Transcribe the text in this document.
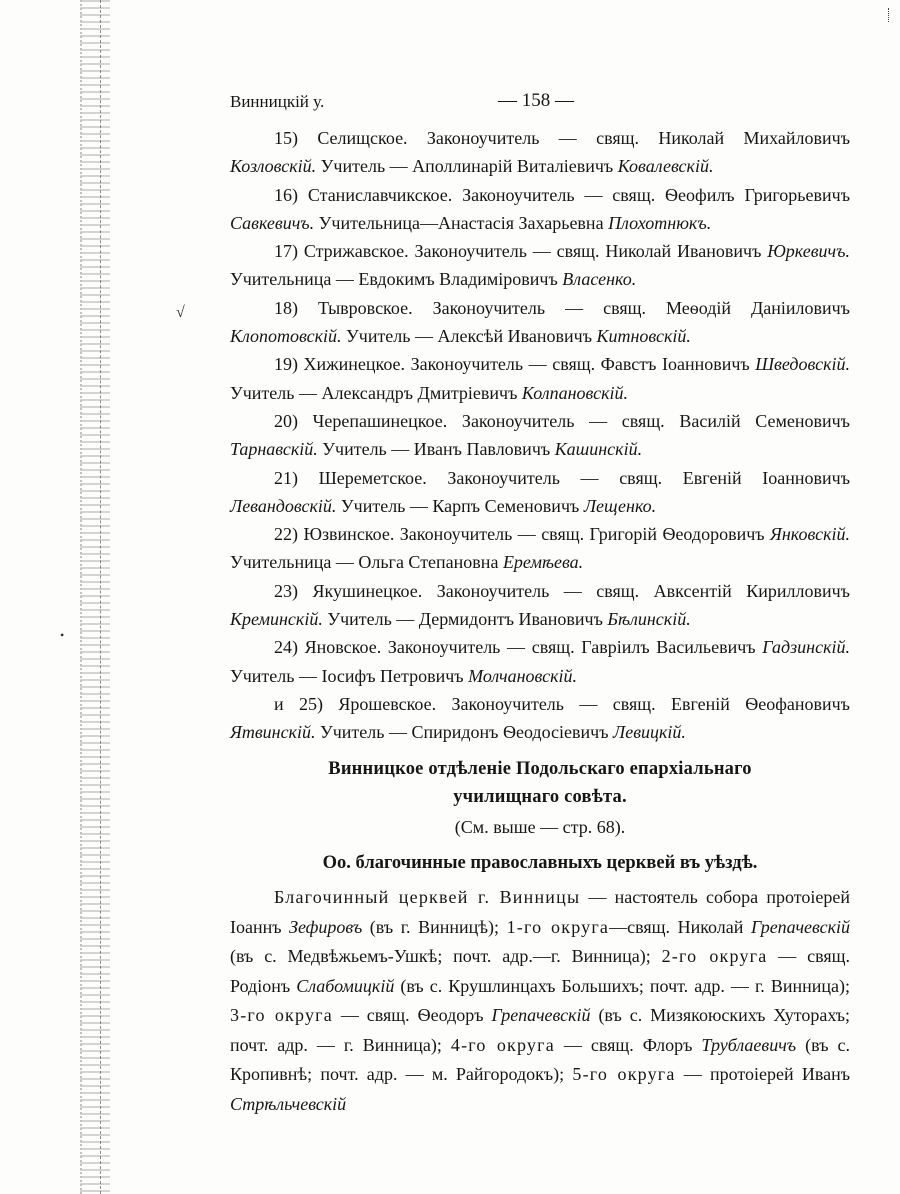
√
•
Винницкій у.	— 158 —

15) Селищское. Законоучитель — свящ. Николай Михайловичъ Козловскій. Учитель — Аполлинарій Виталіевичъ Ковалевскій.

16) Станиславчикское. Законоучитель — свящ. Ѳеофилъ Григорьевичъ Савкевичъ. Учительница—Анастасія Захарьевна Плохотнюкъ.

17) Стрижавское. Законоучитель — свящ. Николай Ивановичъ Юркевичъ. Учительница — Евдокимъ Владиміровичъ Власенко.

18) Тывровское. Законоучитель — свящ. Меѳодій Даніиловичъ Клопотовскій. Учитель — Алексѣй Ивановичъ Китновскій.

19) Хижинецкое. Законоучитель — свящ. Фавстъ Іоанновичъ Шведовскій. Учитель — Александръ Дмитріевичъ Колпановскій.

20) Черепашинецкое. Законоучитель — свящ. Василій Семеновичъ Тарнавскій. Учитель — Иванъ Павловичъ Кашинскій.

21) Шереметское. Законоучитель — свящ. Евгеній Іоанновичъ Левандовскій. Учитель — Карпъ Семеновичъ Лещенко.

22) Юзвинское. Законоучитель — свящ. Григорій Ѳеодоровичъ Янковскій. Учительница — Ольга Степановна Еремѣева.

23) Якушинецкое. Законоучитель — свящ. Авксентій Кирилловичъ Креминскій. Учитель — Дермидонтъ Ивановичъ Бѣлинскій.

24) Яновское. Законоучитель — свящ. Гавріилъ Васильевичъ Гадзинскій. Учитель — Іосифъ Петровичъ Молчановскій.

и 25) Ярошевское. Законоучитель — свящ. Евгеній Ѳеофановичъ Ятвинскій. Учитель — Спиридонъ Ѳеодосіевичъ Левицкій.

Винницкое отдѣленіе Подольскаго епархіальнаго
училищнаго совѣта.

(См. выше — стр. 68).

Оо. благочинные православныхъ церквей въ уѣздѣ.

Благочинный церквей г. Винницы — настоятель собора протоіерей Іоаннъ Зефировъ (въ г. Винницѣ); 1-го округа—свящ. Николай Грепачевскій (въ с. Медвѣжьемъ-Ушкѣ; почт. адр.—г. Винница); 2-го округа — свящ. Родіонъ Слабомицкій (въ с. Крушлинцахъ Большихъ; почт. адр. — г. Винница); 3-го округа — свящ. Ѳеодоръ Грепачевскій (въ с. Мизякоюскихъ Хуторахъ; почт. адр. — г. Винница); 4-го округа — свящ. Флоръ Трублаевичъ (въ с. Кропивнѣ; почт. адр. — м. Райгородокъ); 5-го округа — протоіерей Иванъ Стрѣльчевскій
